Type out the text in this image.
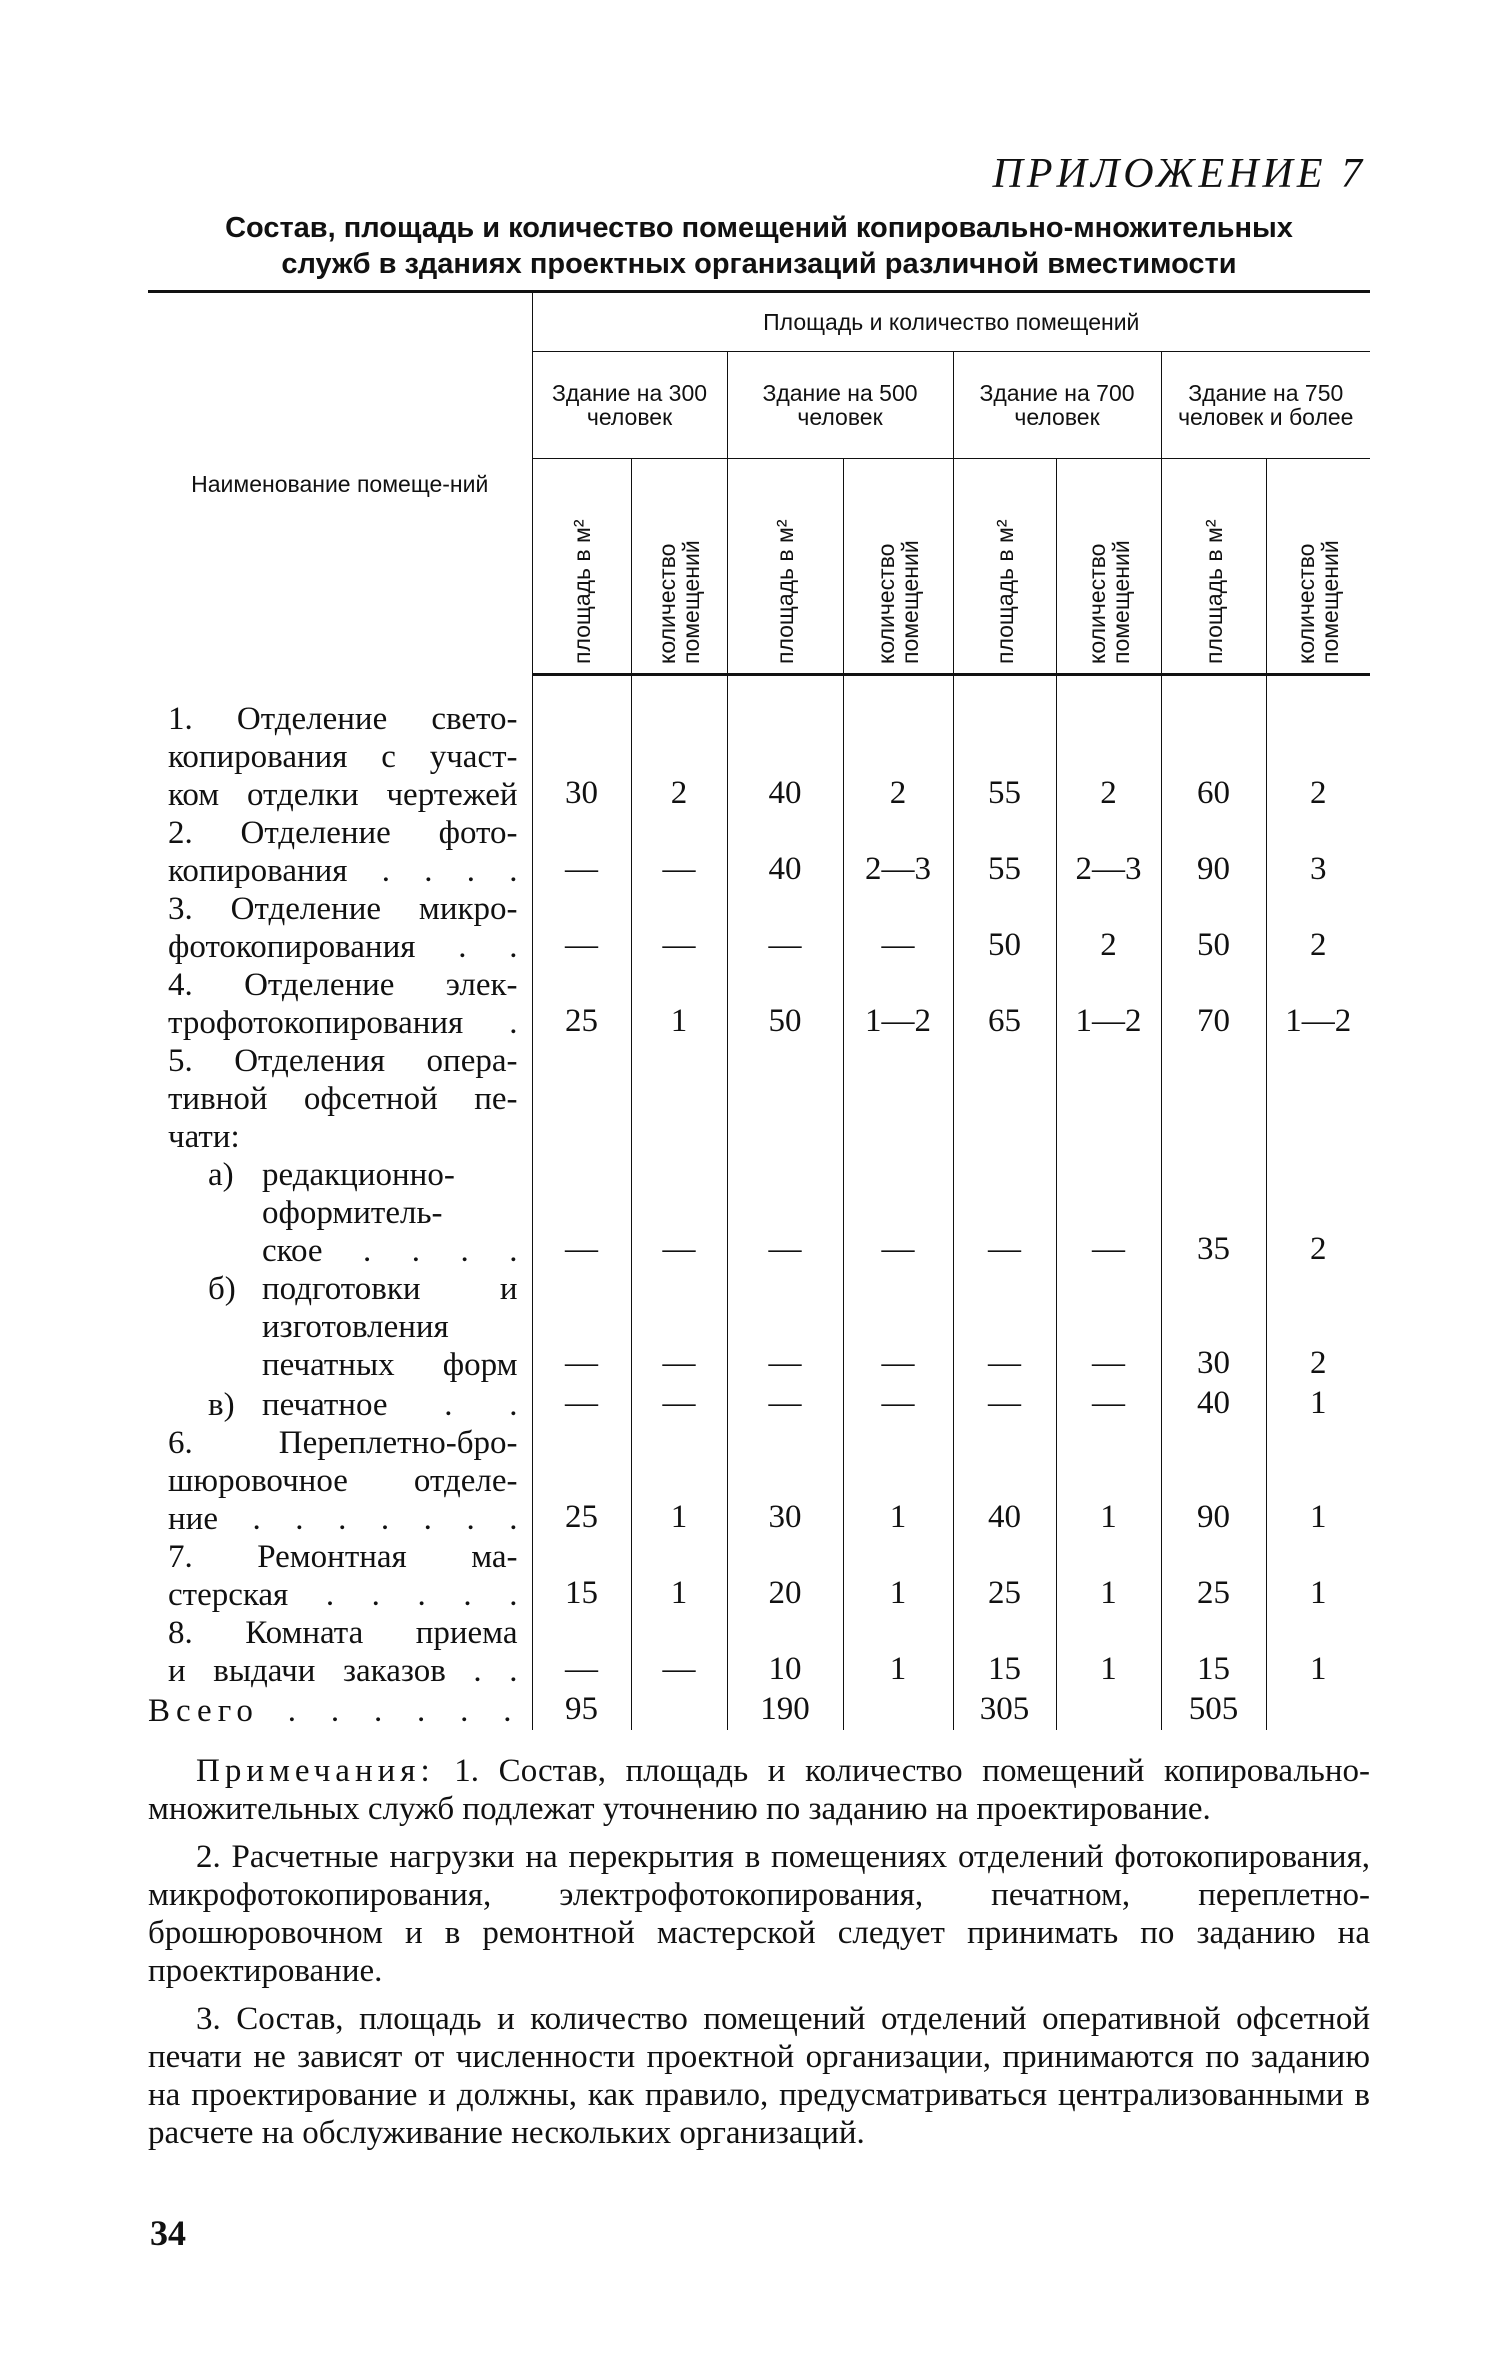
ПРИЛОЖЕНИЕ 7
Состав, площадь и количество помещений копировально-множительных
служб в зданиях проектных организаций различной вместимости
Наименование помеще-ний	Площадь и количество помещений							
	Здание на 300 человек		Здание на 500 человек		Здание на 700 человек		Здание на 750 человек и более	

	площадь в м²	количество помещений	площадь в м²	количество помещений	площадь в м²	количество помещений	площадь в м²	количество помещений

1. Отделение свето-
копирования с участ-
ком отделки чертежей	30	2	40	2	55	2	60	2

2. Отделение фото-
копирования . . . .	—	—	40	2—3	55	2—3	90	3

3. Отделение микро-
фотокопирования . .	—	—	—	—	50	2	50	2

4. Отделение элек-
трофотокопирования .	25	1	50	1—2	65	1—2	70	1—2

5. Отделения опера-
тивной офсетной пе-
чати:								

а) редакционно-
оформитель-
ское . . . .	—	—	—	—	—	—	35	2

б) подготовки и
изготовления
печатных форм	—	—	—	—	—	—	30	2

в) печатное . .	—	—	—	—	—	—	40	1

6. Переплетно-бро-
шюровочное отделе-
ние . . . . . . .	25	1	30	1	40	1	90	1

7. Ремонтная ма-
стерская . . . . .	15	1	20	1	25	1	25	1

8. Комната приема
и выдачи заказов . .	—	—	10	1	15	1	15	1
Всего . . . . . .	95		190		305		505	

Примечания: 1. Состав, площадь и количество помещений копировально-множительных служб подлежат уточнению по заданию на проектирование.

2. Расчетные нагрузки на перекрытия в помещениях отделений фотокопирования, микрофотокопирования, электрофотокопирования, печатном, переплетно-брошюровочном и в ремонтной мастерской следует принимать по заданию на проектирование.

3. Состав, площадь и количество помещений отделений оперативной офсетной печати не зависят от численности проектной организации, принимаются по заданию на проектирование и должны, как правило, предусматриваться централизованными в расчете на обслуживание нескольких организаций.

34
